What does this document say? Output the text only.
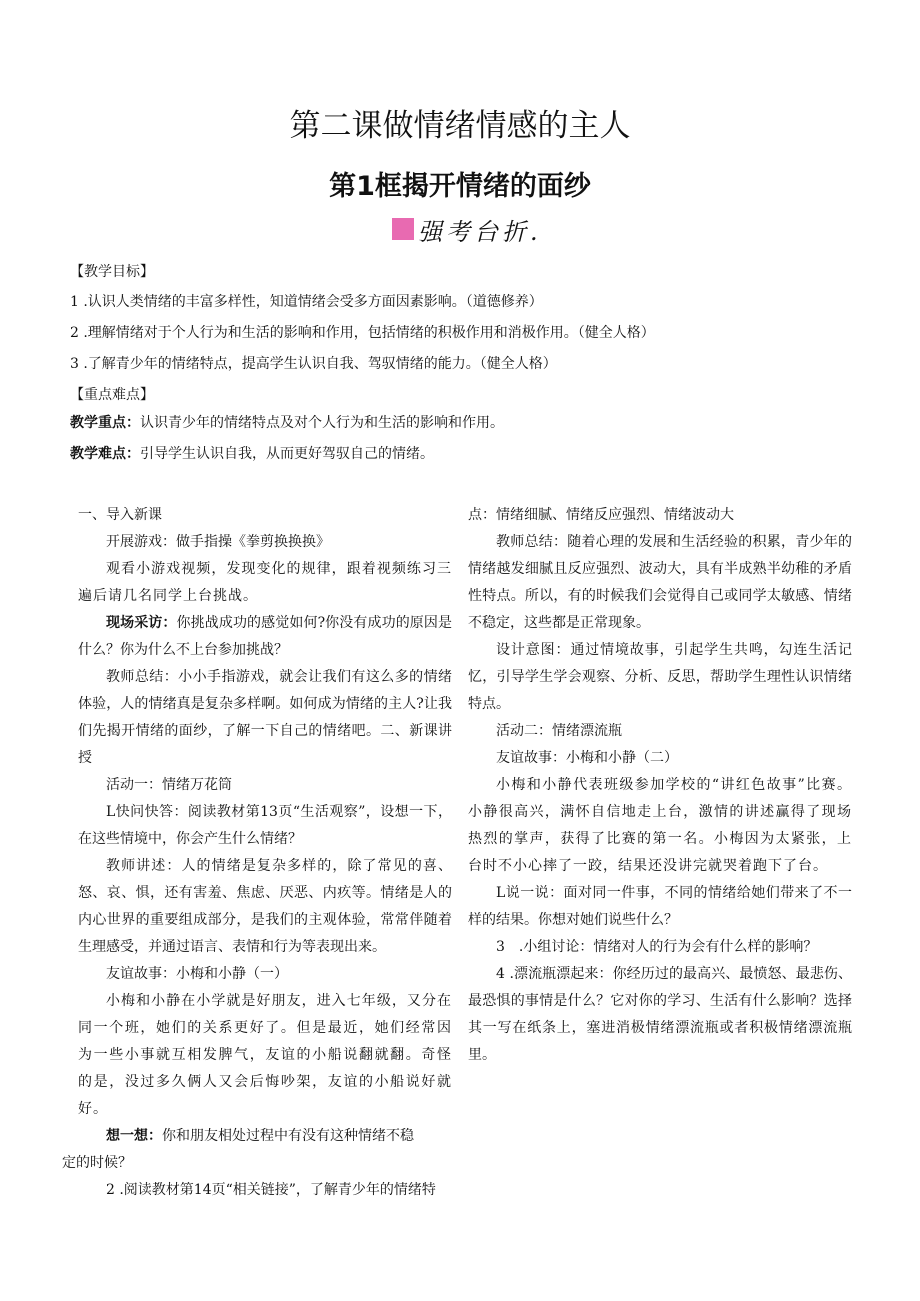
第二课做情绪情感的主人
第1框揭开情绪的面纱
强考台折.
【教学目标】
1 .认识人类情绪的丰富多样性，知道情绪会受多方面因素影响。（道德修养）
2 .理解情绪对于个人行为和生活的影响和作用，包括情绪的积极作用和消极作用。（健全人格）
3 .了解青少年的情绪特点，提高学生认识自我、驾驭情绪的能力。（健全人格）
【重点难点】
教学重点：认识青少年的情绪特点及对个人行为和生活的影响和作用。
教学难点：引导学生认识自我，从而更好驾驭自己的情绪。

一、导入新课

开展游戏：做手指操《拳剪换换换》

观看小游戏视频，发现变化的规律，跟着视频练习三遍后请几名同学上台挑战。

现场采访：你挑战成功的感觉如何?你没有成功的原因是什么？你为什么不上台参加挑战？

教师总结：小小手指游戏，就会让我们有这么多的情绪体验，人的情绪真是复杂多样啊。如何成为情绪的主人?让我们先揭开情绪的面纱，了解一下自己的情绪吧。二、新课讲授

活动一：情绪万花筒

L快问快答：阅读教材第13页“生活观察”，设想一下，在这些情境中，你会产生什么情绪？

教师讲述：人的情绪是复杂多样的，除了常见的喜、怒、哀、惧，还有害羞、焦虑、厌恶、内疚等。情绪是人的内心世界的重要组成部分，是我们的主观体验，常常伴随着生理感受，并通过语言、表情和行为等表现出来。

友谊故事：小梅和小静（一）

小梅和小静在小学就是好朋友，进入七年级，又分在同一个班，她们的关系更好了。但是最近，她们经常因为一些小事就互相发脾气，友谊的小船说翻就翻。奇怪的是，没过多久俩人又会后悔吵架，友谊的小船说好就好。

想一想：你和朋友相处过程中有没有这种情绪不稳

定的时候？

2 .阅读教材第14页“相关链接”，了解青少年的情绪特

点：情绪细腻、情绪反应强烈、情绪波动大

教师总结：随着心理的发展和生活经验的积累，青少年的情绪越发细腻且反应强烈、波动大，具有半成熟半幼稚的矛盾性特点。所以，有的时候我们会觉得自己或同学太敏感、情绪不稳定，这些都是正常现象。

设计意图：通过情境故事，引起学生共鸣，勾连生活记忆，引导学生学会观察、分析、反思，帮助学生理性认识情绪特点。

活动二：情绪漂流瓶

友谊故事：小梅和小静（二）

小梅和小静代表班级参加学校的“讲红色故事”比赛。小静很高兴，满怀自信地走上台，激情的讲述赢得了现场热烈的掌声，获得了比赛的第一名。小梅因为太紧张，上台时不小心摔了一跤，结果还没讲完就哭着跑下了台。

L说一说：面对同一件事，不同的情绪给她们带来了不一样的结果。你想对她们说些什么？

3　.小组讨论：情绪对人的行为会有什么样的影响？

4 .漂流瓶漂起来：你经历过的最高兴、最愤怒、最悲伤、最恐惧的事情是什么？它对你的学习、生活有什么影响？选择其一写在纸条上，塞进消极情绪漂流瓶或者积极情绪漂流瓶里。
